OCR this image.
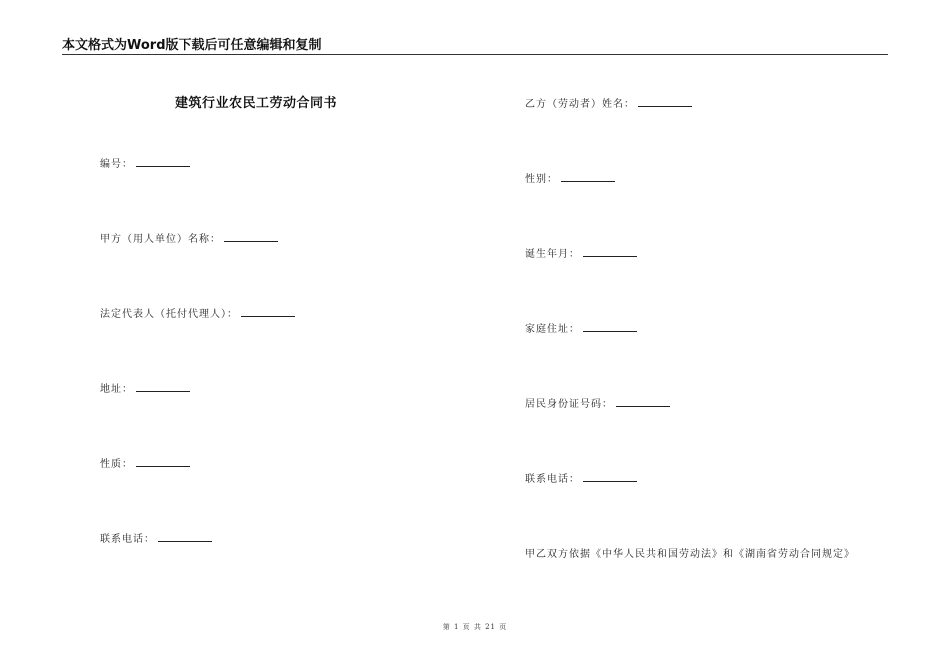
本文格式为Word版下载后可任意编辑和复制
建筑行业农民工劳动合同书
编号：
甲方（用人单位）名称：
法定代表人（托付代理人）：
地址：
性质：
联系电话：
乙方（劳动者）姓名：
性别：
诞生年月：
家庭住址：
居民身份证号码：
联系电话：
甲乙双方依据《中华人民共和国劳动法》和《湖南省劳动合同规定》
第 1 页 共 21 页
